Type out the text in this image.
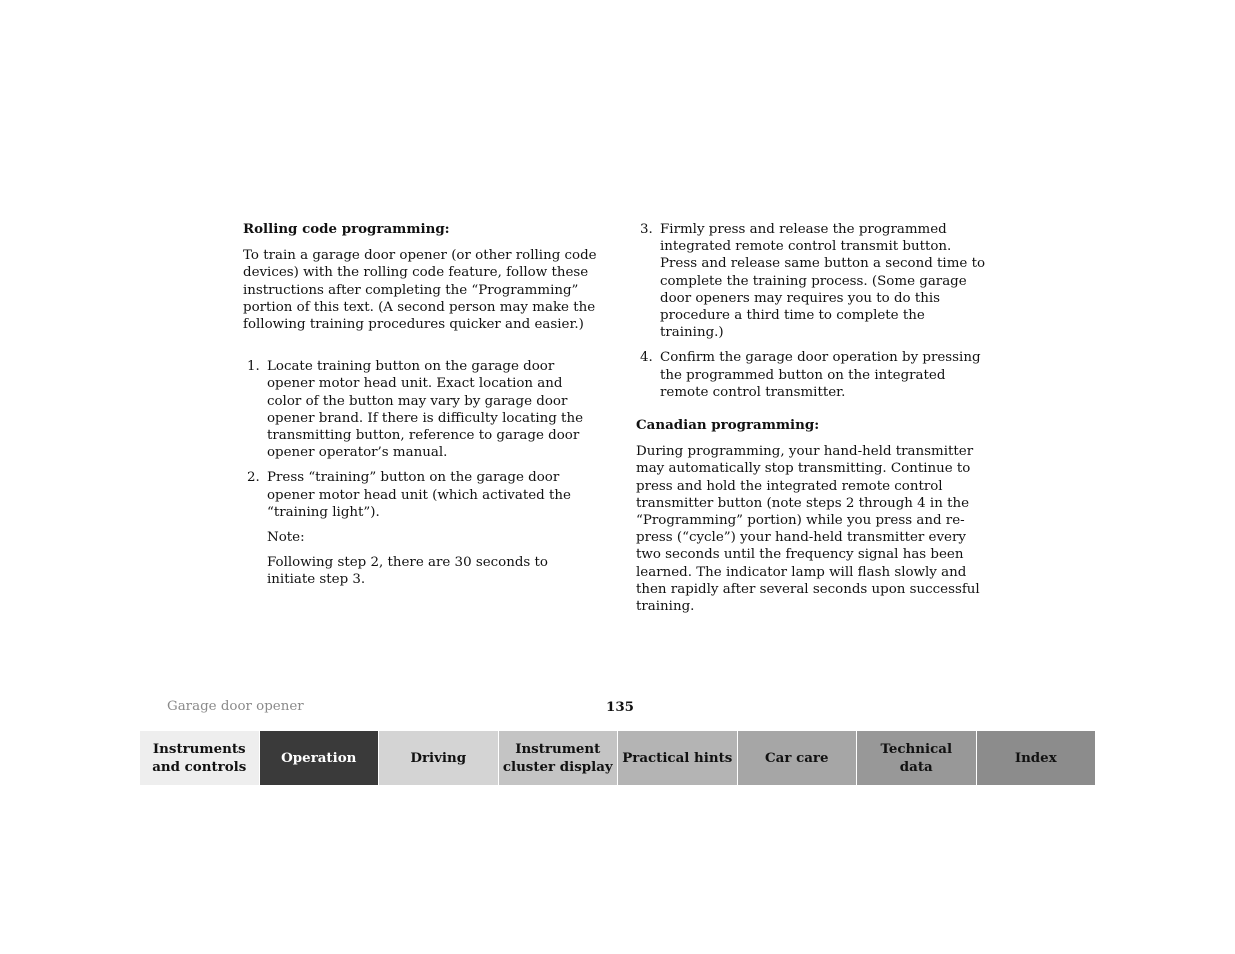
Rolling code programming:
To train a garage door opener (or other rolling code devices) with the rolling code feature, follow these instructions after completing the “Programming” portion of this text. (A second person may make the following training procedures quicker and easier.)
1. Locate training button on the garage door opener motor head unit. Exact location and color of the button may vary by garage door opener brand. If there is difficulty locating the transmitting button, reference to garage door opener operator’s manual.
2. Press “training” button on the garage door opener motor head unit (which activated the “training light”).
Note:
Following step 2, there are 30 seconds to initiate step 3.
3. Firmly press and release the programmed integrated remote control transmit button. Press and release same button a second time to complete the training process. (Some garage door openers may requires you to do this procedure a third time to complete the training.)
4. Confirm the garage door operation by pressing the programmed button on the integrated remote control transmitter.
Canadian programming:
During programming, your hand-held transmitter may automatically stop transmitting. Continue to press and hold the integrated remote control transmitter button (note steps 2 through 4 in the “Programming” portion) while you press and re-press (“cycle”) your hand-held transmitter every two seconds until the frequency signal has been learned. The indicator lamp will flash slowly and then rapidly after several seconds upon successful training.
Garage door opener	135
Instruments
and controls
Operation	Driving
Instrument
cluster display
Practical hints	Car care
Technical
data
Index
